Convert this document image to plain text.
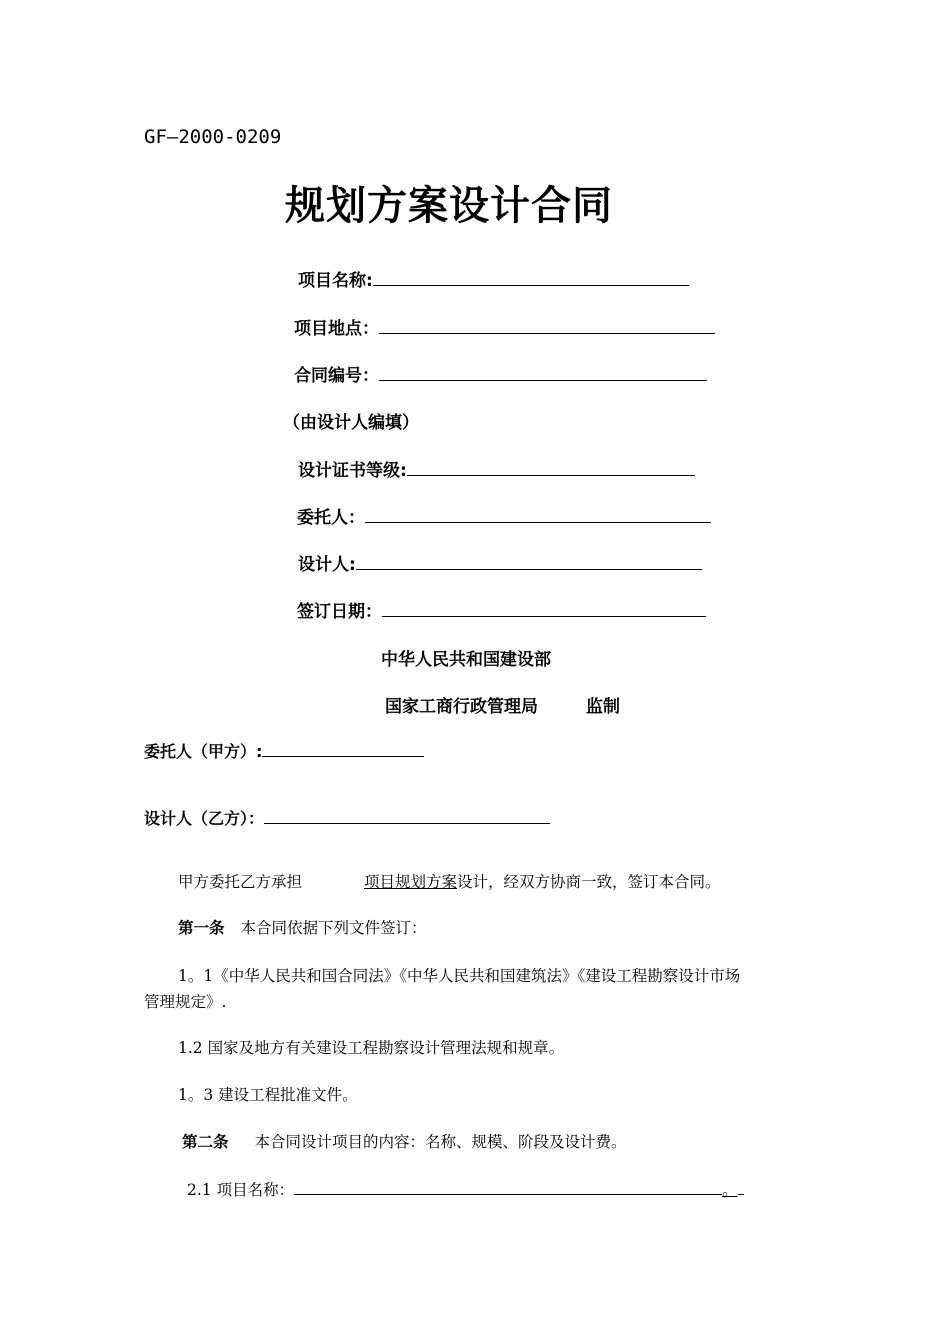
GF—2000-0209
规划方案设计合同
项目名称:
项目地点：
合同编号：
（由设计人编填）
设计证书等级:
委托人：
设计人:
签订日期：
中华人民共和国建设部
国家工商行政管理局	监制
委托人（甲方）:
设计人（乙方）：
甲方委托乙方承担	项目规划方案设计，经双方协商一致，签订本合同。
第一条 本合同依据下列文件签订：
1。1《中华人民共和国合同法》《中华人民共和国建筑法》《建设工程勘察设计市场
管理规定》.
1.2 国家及地方有关建设工程勘察设计管理法规和规章。
1。3 建设工程批准文件。
第二条 本合同设计项目的内容：名称、规模、阶段及设计费。
2.1 项目名称：	。
